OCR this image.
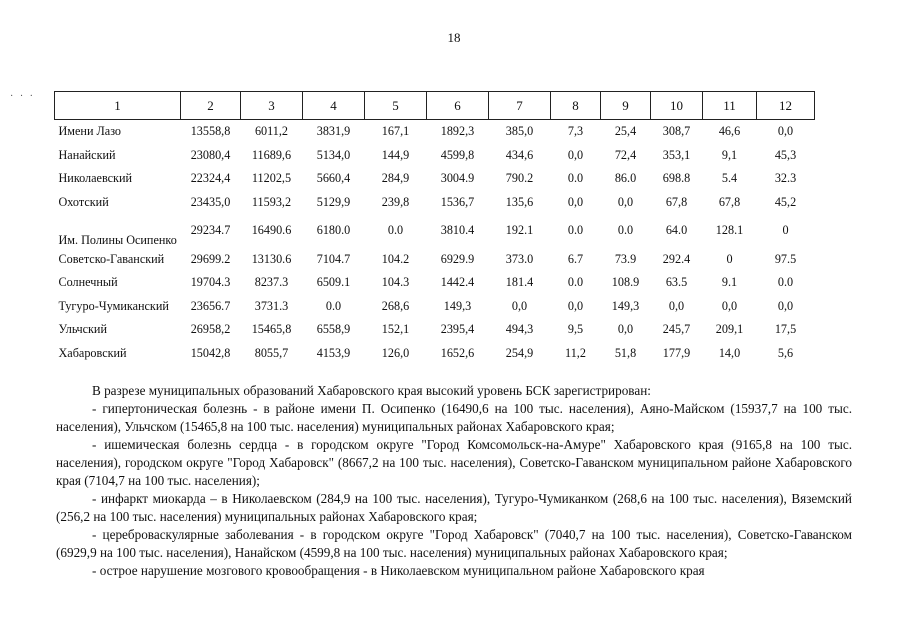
18
· · ·
1	2	3	4	5	6	7	8	9	10	11	12
Имени Лазо	13558,8	6011,2	3831,9	167,1	1892,3	385,0	7,3	25,4	308,7	46,6	0,0
Нанайский	23080,4	11689,6	5134,0	144,9	4599,8	434,6	0,0	72,4	353,1	9,1	45,3
Николаевский	22324,4	11202,5	5660,4	284,9	3004.9	790.2	0.0	86.0	698.8	5.4	32.3
Охотский	23435,0	11593,2	5129,9	239,8	1536,7	135,6	0,0	0,0	67,8	67,8	45,2
Им. Полины Осипенко	29234.7	16490.6	6180.0	0.0	3810.4	192.1	0.0	0.0	64.0	128.1	0
Советско-Гаванский	29699.2	13130.6	7104.7	104.2	6929.9	373.0	6.7	73.9	292.4	0	97.5
Солнечный	19704.3	8237.3	6509.1	104.3	1442.4	181.4	0.0	108.9	63.5	9.1	0.0
Тугуро-Чумиканский	23656.7	3731.3	0.0	268,6	149,3	0,0	0,0	149,3	0,0	0,0	0,0
Ульчский	26958,2	15465,8	6558,9	152,1	2395,4	494,3	9,5	0,0	245,7	209,1	17,5
Хабаровский	15042,8	8055,7	4153,9	126,0	1652,6	254,9	11,2	51,8	177,9	14,0	5,6

В разрезе муниципальных образований Хабаровского края высокий уровень БСК зарегистрирован:

- гипертоническая болезнь - в районе имени П. Осипенко (16490,6 на 100 тыс. населения), Аяно-Майском (15937,7 на 100 тыс. населения), Ульчском (15465,8 на 100 тыс. населения) муниципальных районах Хабаровского края;

- ишемическая болезнь сердца - в городском округе "Город Комсомольск-на-Амуре" Хабаровского края (9165,8 на 100 тыс. населения), городском округе "Город Хабаровск" (8667,2 на 100 тыс. населения), Советско-Гаванском муниципальном районе Хабаровского края (7104,7 на 100 тыс. населения);

- инфаркт миокарда – в Николаевском (284,9 на 100 тыс. населения), Тугуро-Чумиканком (268,6 на 100 тыс. населения), Вяземский (256,2 на 100 тыс. населения) муниципальных районах Хабаровского края;

- цереброваскулярные заболевания - в городском округе "Город Хабаровск" (7040,7 на 100 тыс. населения), Советско-Гаванском (6929,9 на 100 тыс. населения), Нанайском (4599,8 на 100 тыс. населения) муниципальных районах Хабаровского края;

- острое нарушение мозгового кровообращения - в Николаевском муниципальном районе Хабаровского края
